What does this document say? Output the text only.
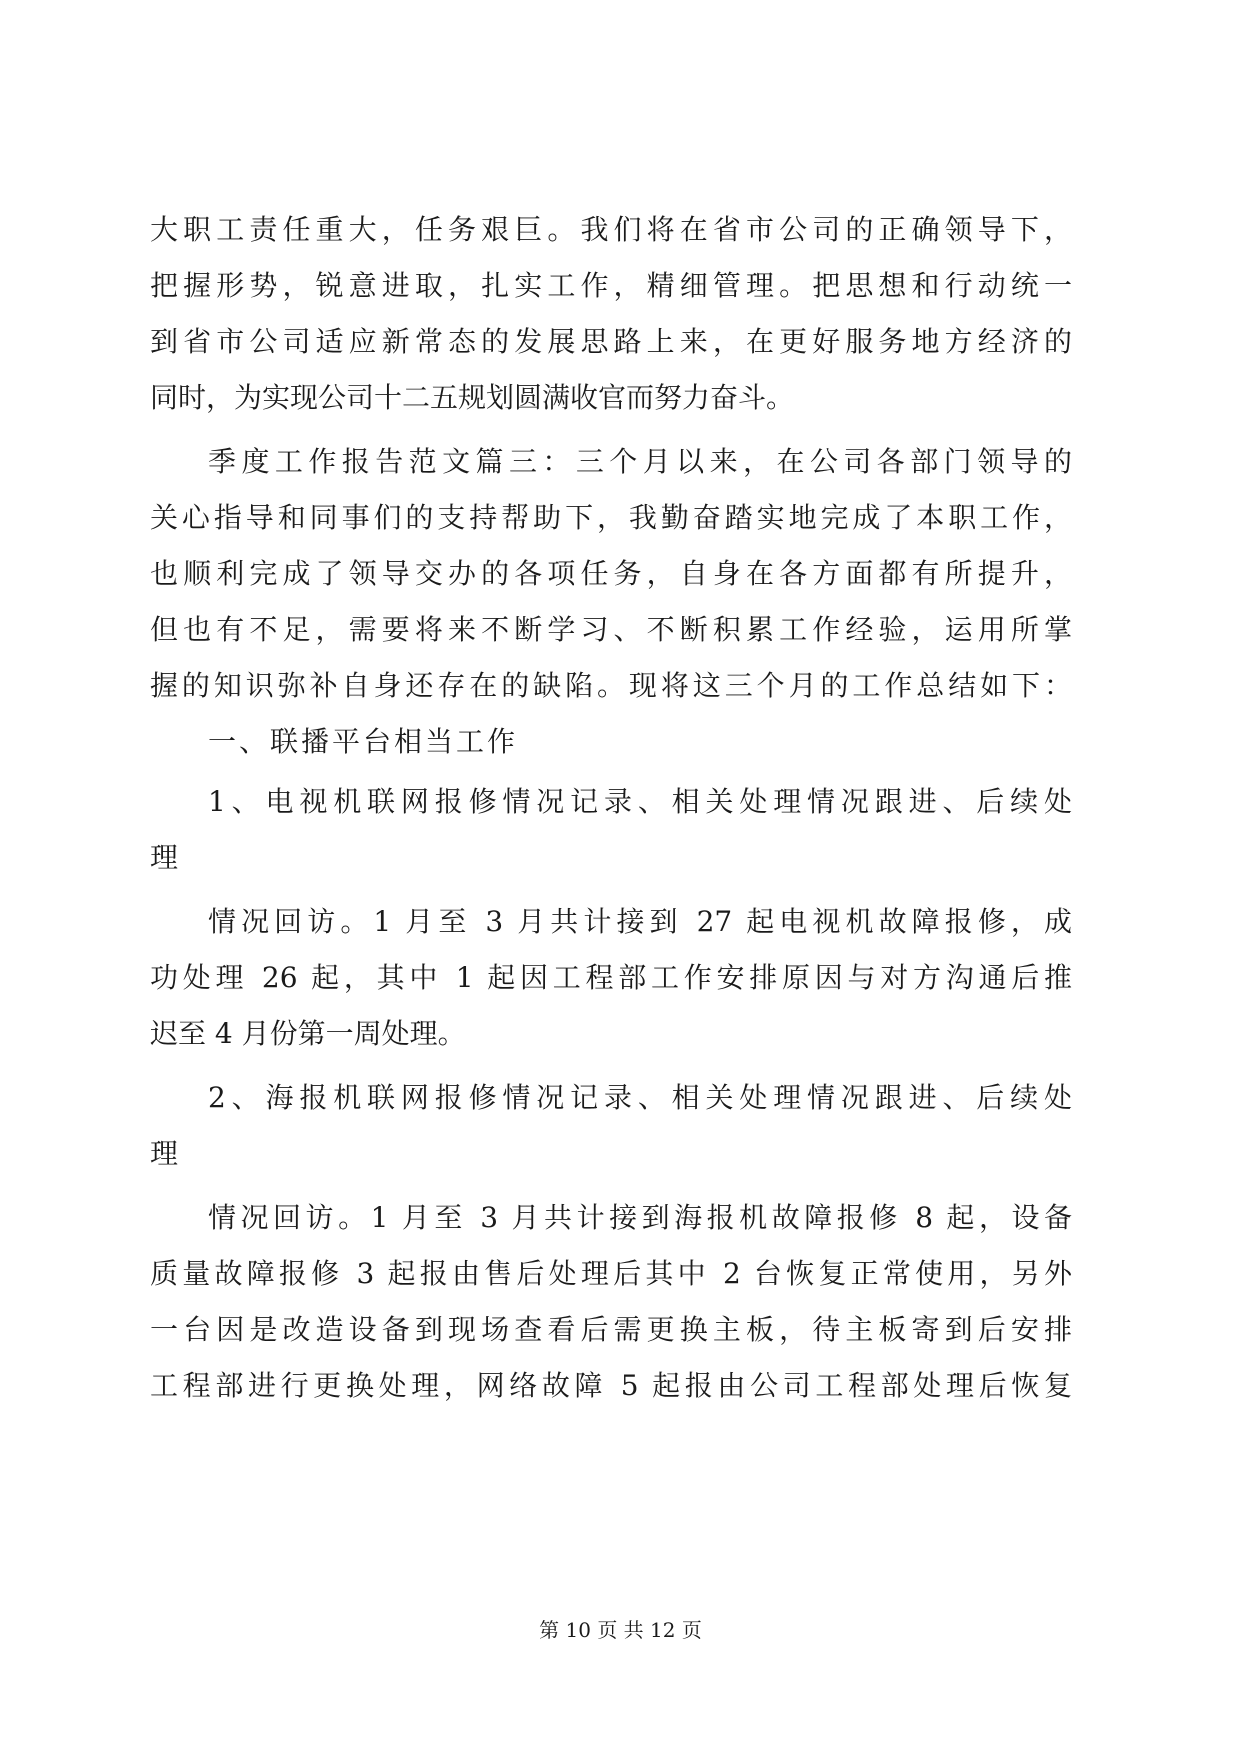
大职工责任重大，任务艰巨。我们将在省市公司的正确领导下，
把握形势，锐意进取，扎实工作，精细管理。把思想和行动统一
到省市公司适应新常态的发展思路上来，在更好服务地方经济的
同时，为实现公司十二五规划圆满收官而努力奋斗。
季度工作报告范文篇三：三个月以来，在公司各部门领导的
关心指导和同事们的支持帮助下，我勤奋踏实地完成了本职工作，
也顺利完成了领导交办的各项任务，自身在各方面都有所提升，
但也有不足，需要将来不断学习、不断积累工作经验，运用所掌
握的知识弥补自身还存在的缺陷。现将这三个月的工作总结如下：
一、联播平台相当工作
1、电视机联网报修情况记录、相关处理情况跟进、后续处
理
情况回访。1 月至 3 月共计接到 27 起电视机故障报修，成
功处理 26 起，其中 1 起因工程部工作安排原因与对方沟通后推
迟至 4 月份第一周处理。
2、海报机联网报修情况记录、相关处理情况跟进、后续处
理
情况回访。1 月至 3 月共计接到海报机故障报修 8 起，设备
质量故障报修 3 起报由售后处理后其中 2 台恢复正常使用，另外
一台因是改造设备到现场查看后需更换主板，待主板寄到后安排
工程部进行更换处理，网络故障 5 起报由公司工程部处理后恢复
第 10 页 共 12 页
